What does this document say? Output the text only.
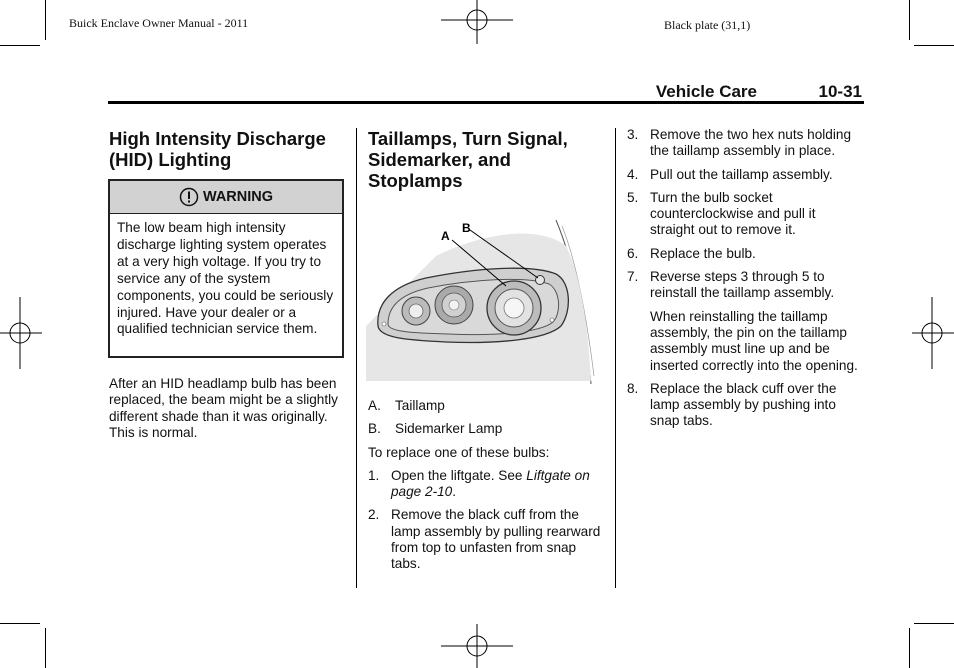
Buick Enclave Owner Manual - 2011	Black plate (31,1)
Vehicle Care	10-31
High Intensity Discharge
(HID) Lighting
WARNING
The low beam high intensity discharge lighting system operates at a very high voltage. If you try to service any of the system components, you could be seriously injured. Have your dealer or a qualified technician service them.

After an HID headlamp bulb has been replaced, the beam might be a slightly different shade than it was originally. This is normal.

Taillamps, Turn Signal,
Sidemarker, and
Stoplamps
A
B
A. Taillamp
B. Sidemarker Lamp

To replace one of these bulbs:

1. Open the liftgate. See Liftgate on page 2-10.
2. Remove the black cuff from the lamp assembly by pulling rearward from top to unfasten from snap tabs.
3. Remove the two hex nuts holding the taillamp assembly in place.
4. Pull out the taillamp assembly.
5. Turn the bulb socket counterclockwise and pull it straight out to remove it.
6. Replace the bulb.
7. Reverse steps 3 through 5 to reinstall the taillamp assembly.

When reinstalling the taillamp assembly, the pin on the taillamp assembly must line up and be inserted correctly into the opening.

8. Replace the black cuff over the lamp assembly by pushing into snap tabs.
